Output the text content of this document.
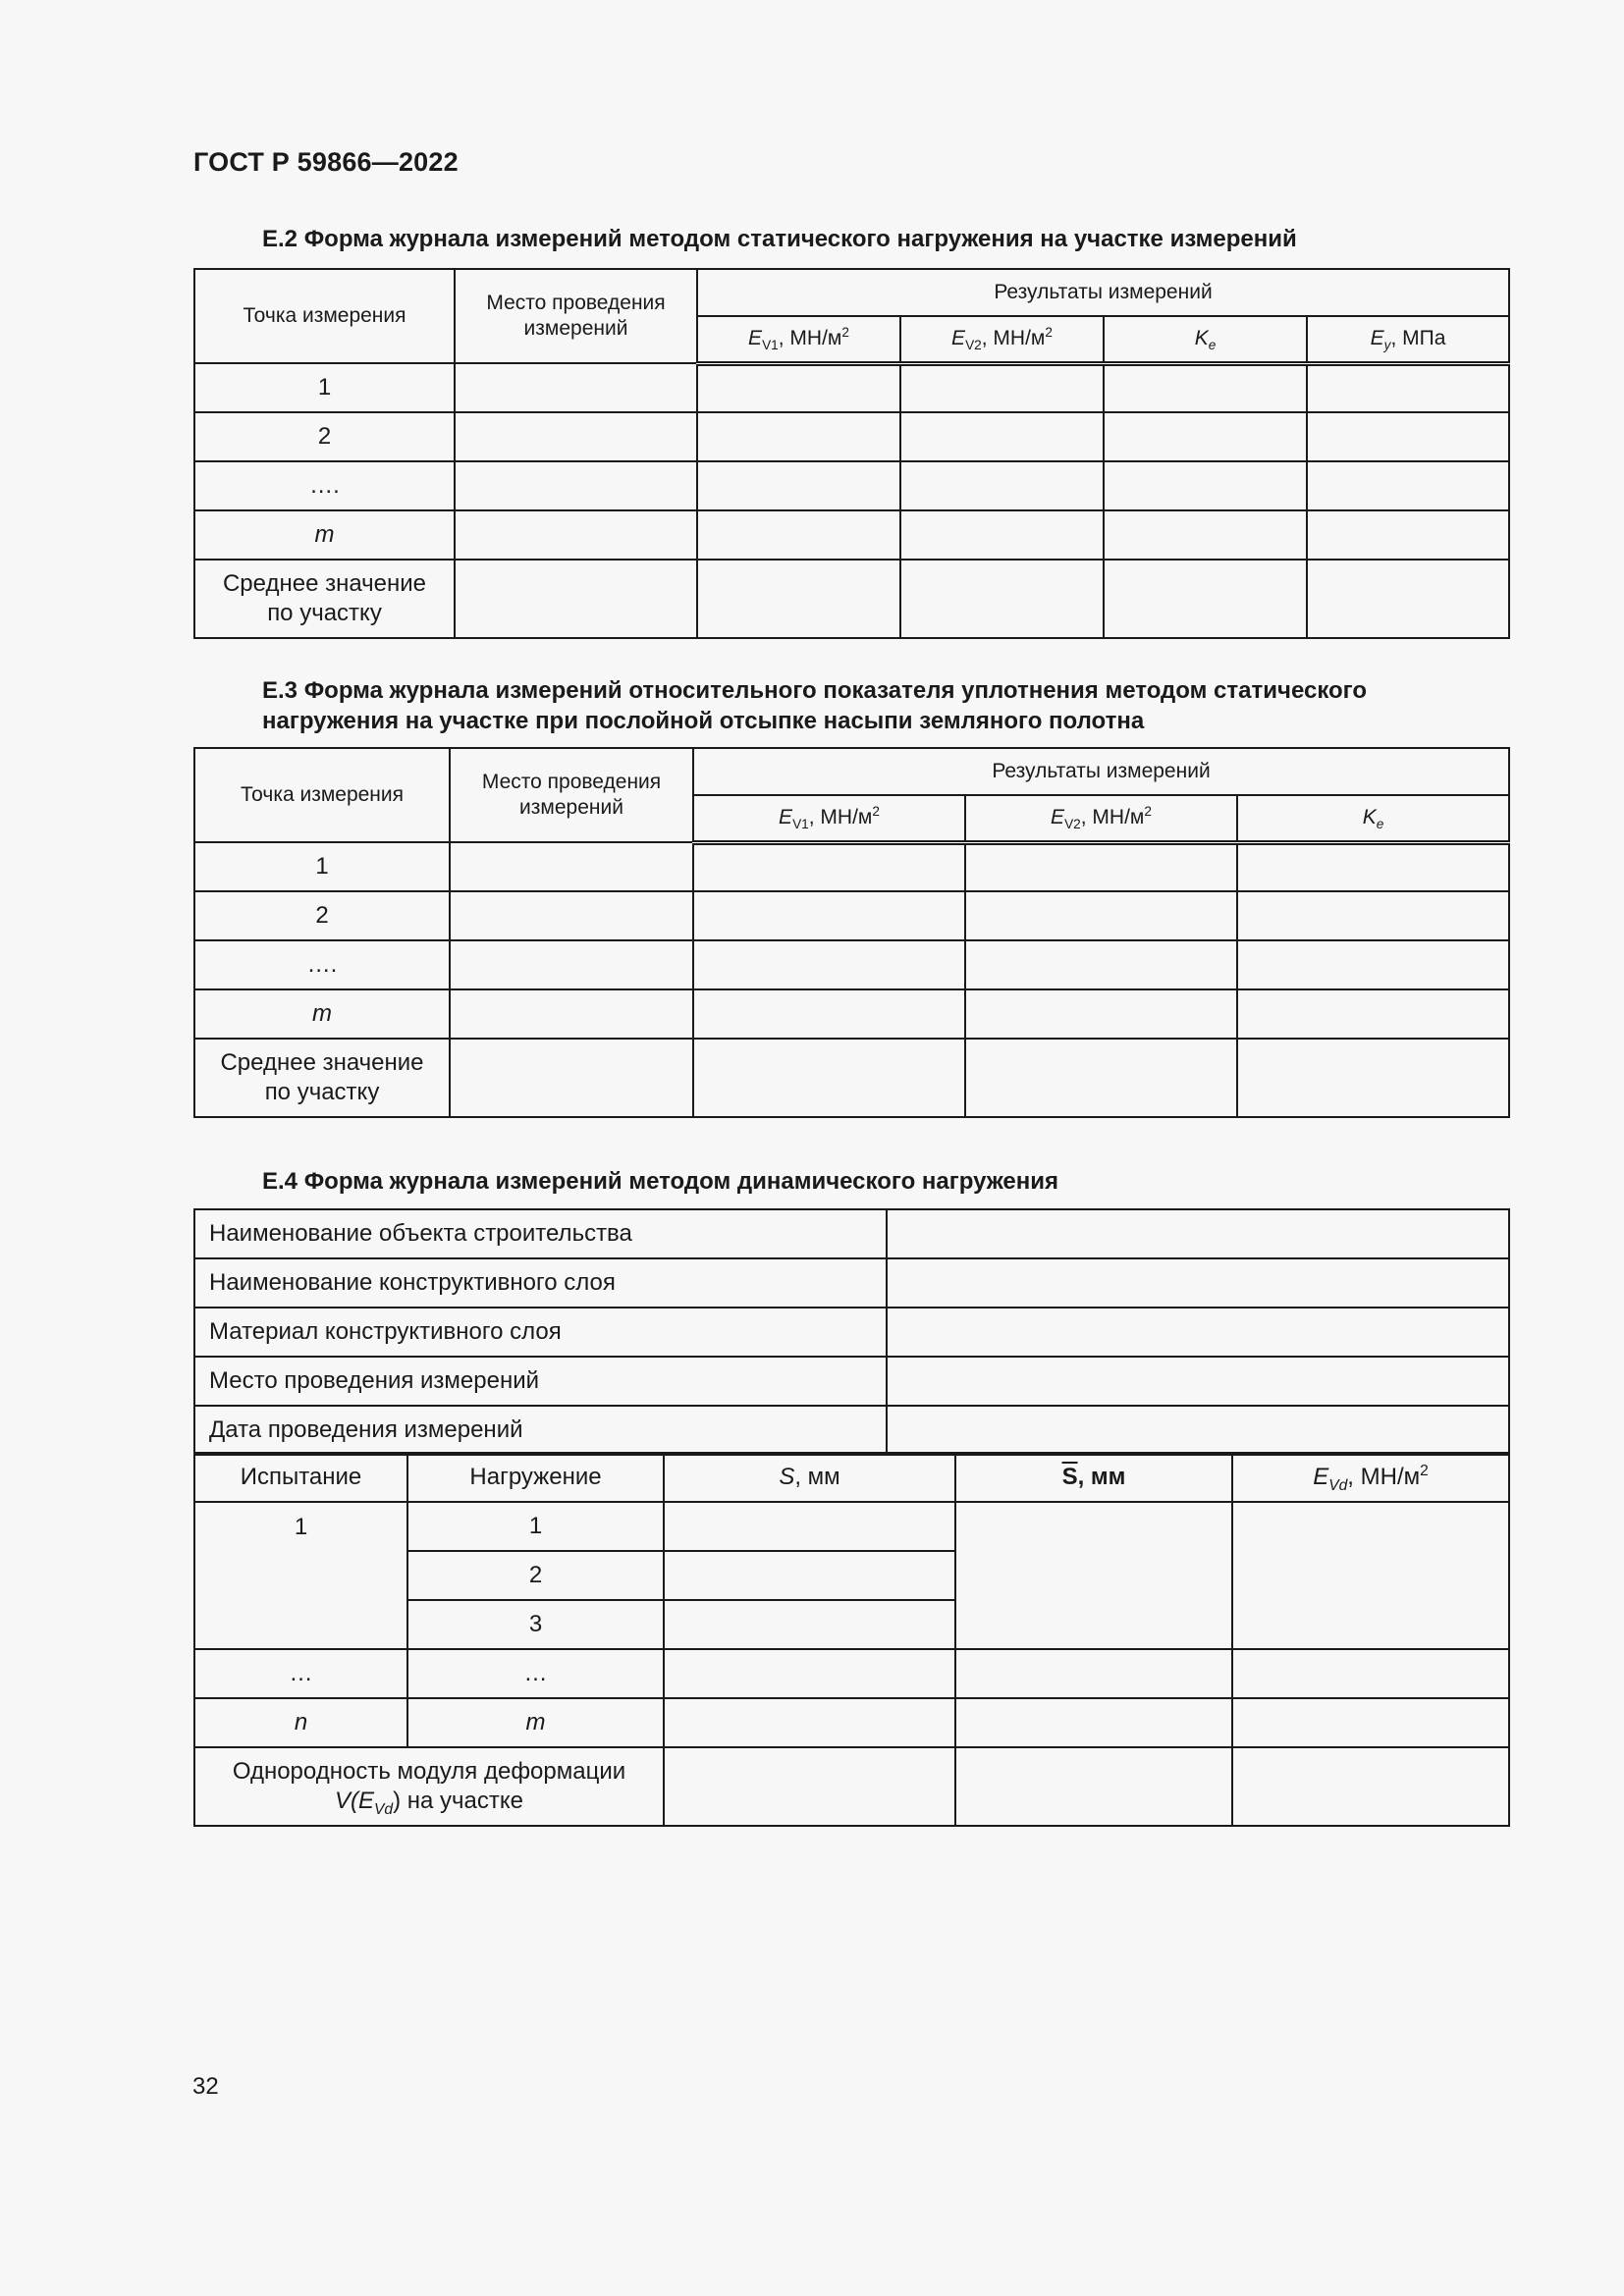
ГОСТ Р 59866—2022
Е.2 Форма журнала измерений методом статического нагружения на участке измерений
Точка измерения	Место проведения измерений	Результаты измерений			
		$E_{V1}$, $МН/м^2$	$E_{V2}$, $МН/м^2$	$K_e$	$E_y$, МПа
1					
2					
….					
m					
Среднее значение
по участку					
Е.3 Форма журнала измерений относительного показателя уплотнения методом статического
нагружения на участке при послойной отсыпке насыпи земляного полотна
Точка измерения	Место проведения измерений	Результаты измерений		
		$E_{V1}$, $МН/м^2$	$E_{V2}$, $МН/м^2$	$K_e$
1				
2				
….				
m				
Среднее значение
по участку				
Е.4 Форма журнала измерений методом динамического нагружения
Наименование объекта строительства	
Наименование конструктивного слоя	
Материал конструктивного слоя	
Место проведения измерений	
Дата проведения измерений	
Испытание	Нагружение	S, мм	$\overline{S}$, мм	$E_{Vd}$, $МН/м^2$
1	1			
	2			
	3			
…	…			
n	m			
Однородность модуля деформации
$V(E_{Vd})$ на участке				
32
